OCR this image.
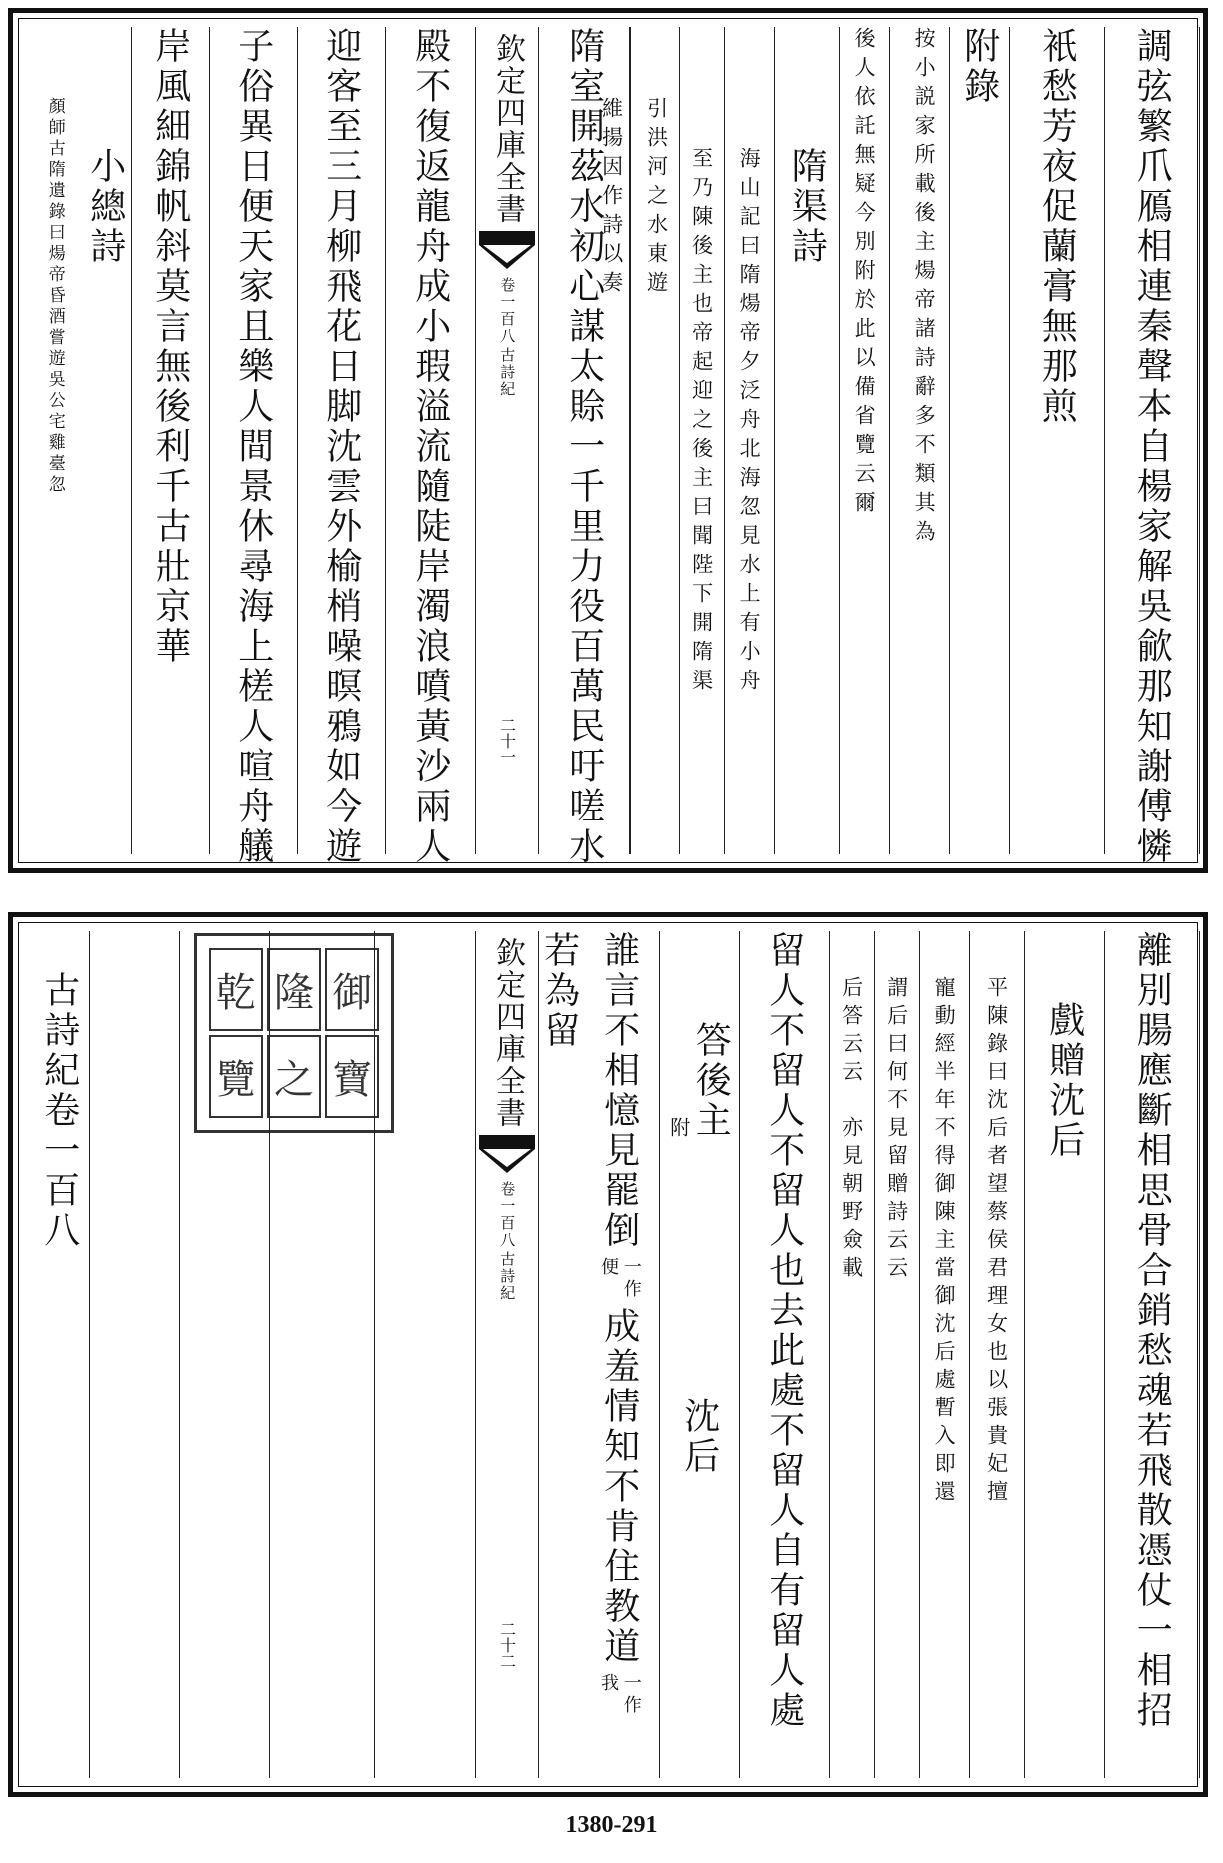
調弦繁爪鴈相連秦聲本自楊家解吳歈那知謝傅憐
衹愁芳夜促蘭膏無那煎
附錄
按小説家所載後主煬帝諸詩辭多不類其為
後人依託無疑今別附於此以備省覽云爾
隋渠詩
海山記曰隋煬帝夕泛舟北海忽見水上有小舟
至乃陳後主也帝起迎之後主曰聞陛下開隋渠
引洪河之水東遊
維揚因作詩以奏
隋室開茲水初心謀太賒一千里力役百萬民吁嗟水
欽定四庫全書
古詩紀
卷一百八
二十一
殿不復返龍舟成小瑕溢流隨陡岸濁浪噴黃沙兩人
迎客至三月柳飛花日脚沈雲外榆梢噪暝鴉如今遊
子俗異日便天家且樂人間景休尋海上槎人喧舟艤
岸風細錦帆斜莫言無後利千古壯京華
小總詩
顏師古隋遺錄曰煬帝昏酒嘗遊吳公宅雞臺忽
離別腸應斷相思骨合銷愁魂若飛散憑仗一相招
戲贈沈后
平陳錄曰沈后者望蔡侯君理女也以張貴妃擅
寵動經半年不得御陳主當御沈后處暫入即還
謂后曰何不見留贈詩云云
后答云云　亦見朝野僉載
留人不留人不留人也去此處不留人自有留人處
答後主
附
沈后
誰言不相憶見罷倒
一作
便
成羞情知不肯住教道
一作
我
若為留
欽定四庫全書
古詩紀
卷一百八
二十二
乾 隆 御
覽 之 寶
古詩紀卷一百八
1380-291
